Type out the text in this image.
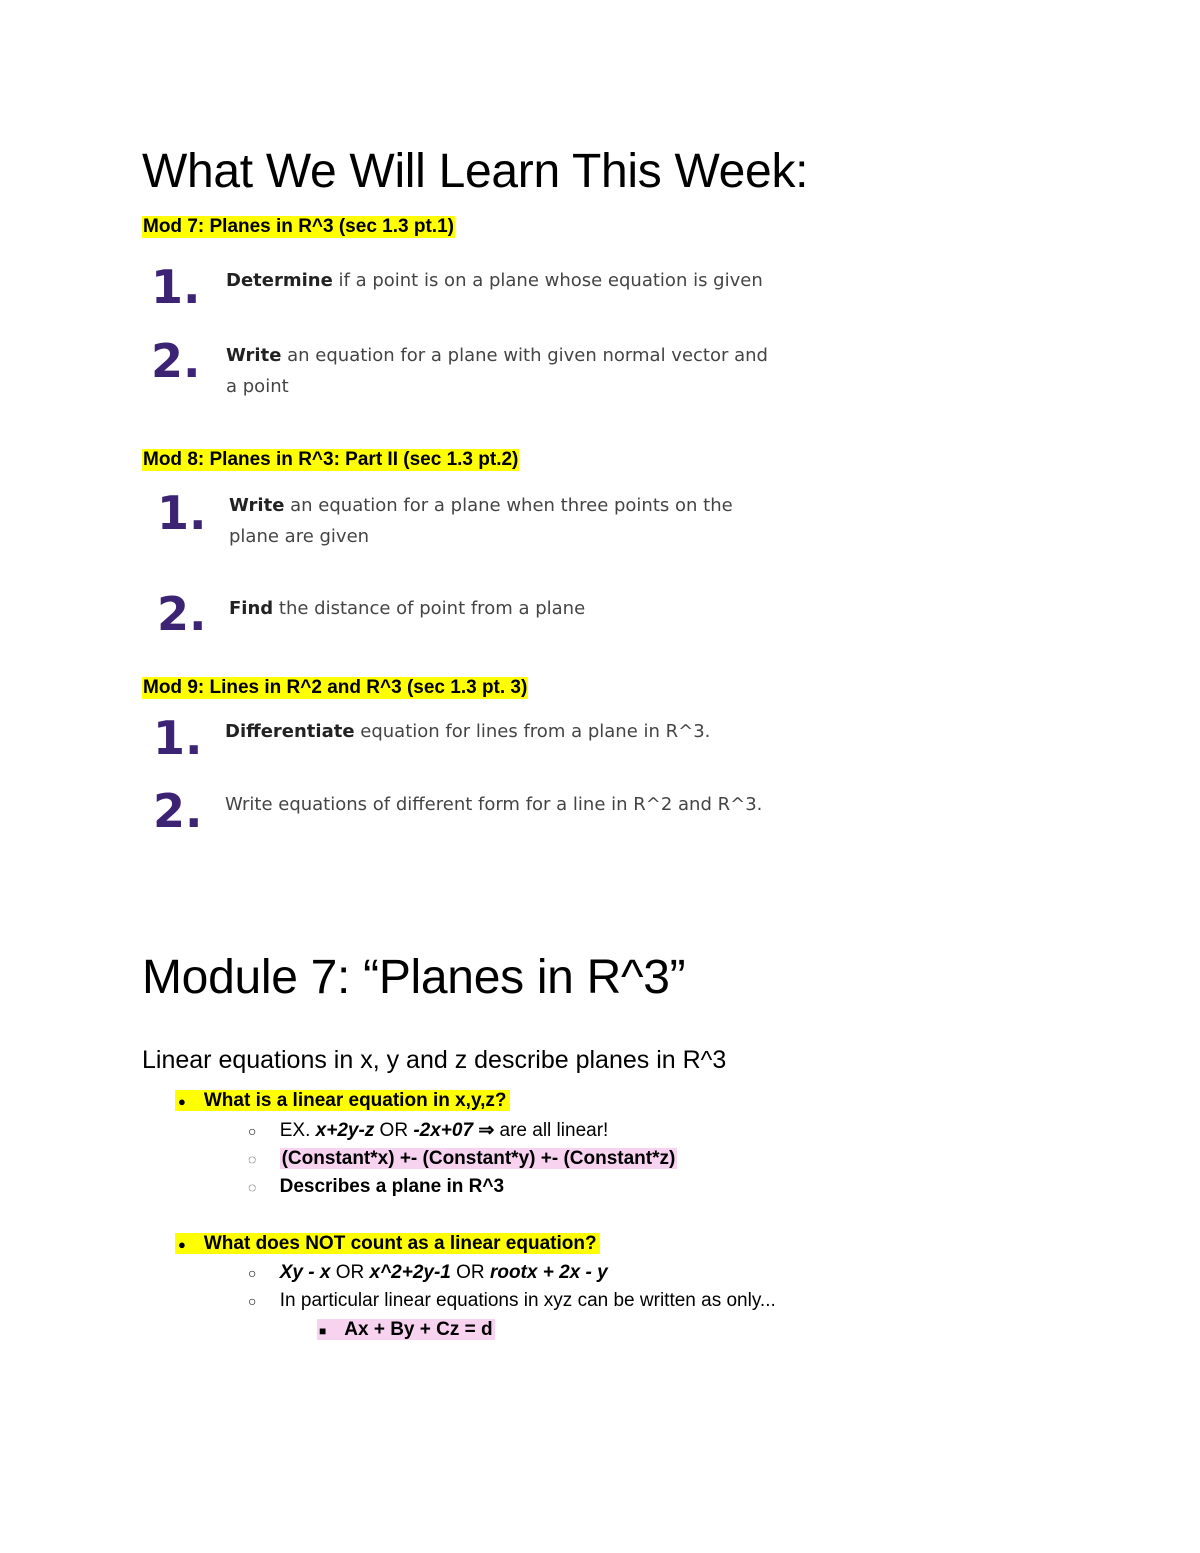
What We Will Learn This Week:
Mod 7: Planes in R^3 (sec 1.3 pt.1)
1. Determine if a point is on a plane whose equation is given
2. Write an equation for a plane with given normal vector and
a point
Mod 8: Planes in R^3: Part II (sec 1.3 pt.2)
1. Write an equation for a plane when three points on the
plane are given
2. Find the distance of point from a plane
Mod 9: Lines in R^2 and R^3 (sec 1.3 pt. 3)
1. Differentiate equation for lines from a plane in R^3.
2. Write equations of different form for a line in R^2 and R^3.
Module 7: “Planes in R^3”
Linear equations in x, y and z describe planes in R^3
● What is a linear equation in x,y,z?
○ EX. x+2y-z OR -2x+07 ⇒ are all linear!
◌ (Constant*x) +- (Constant*y) +- (Constant*z)
◌ Describes a plane in R^3
● What does NOT count as a linear equation?
○ Xy - x OR x^2+2y-1 OR rootx + 2x - y
○ In particular linear equations in xyz can be written as only...
■ Ax + By + Cz = d
